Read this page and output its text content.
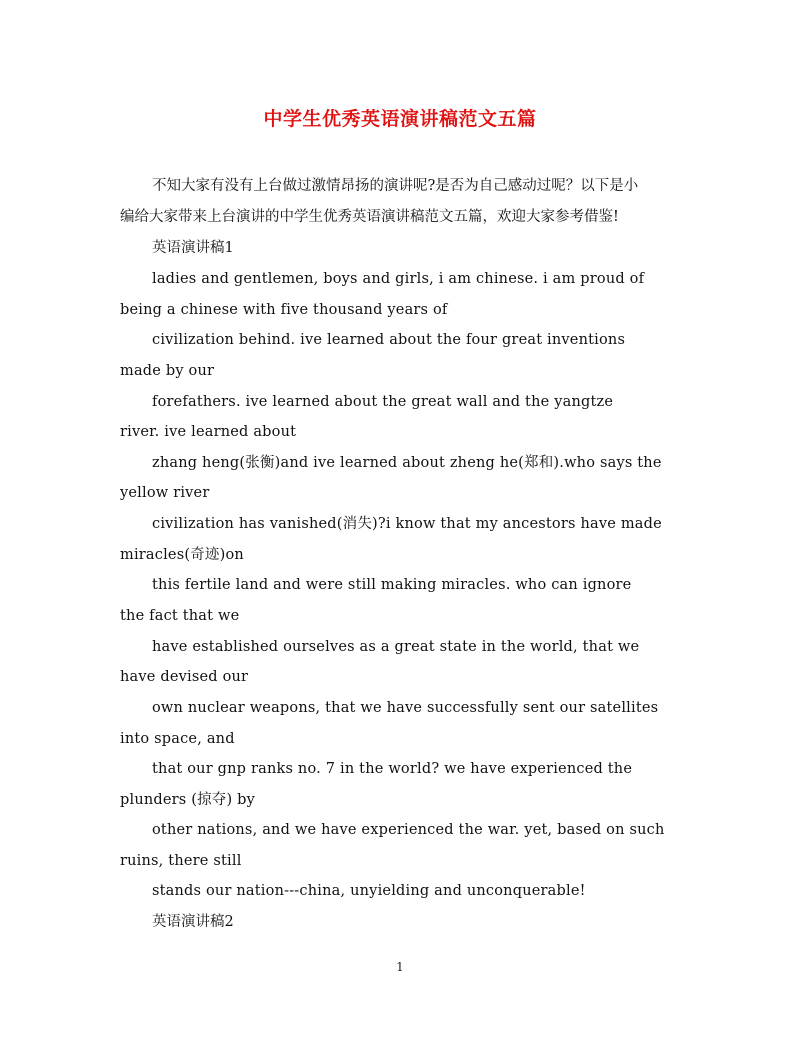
中学生优秀英语演讲稿范文五篇
不知大家有没有上台做过激情昂扬的演讲呢?是否为自己感动过呢？以下是小
编给大家带来上台演讲的中学生优秀英语演讲稿范文五篇，欢迎大家参考借鉴!
英语演讲稿1
ladies and gentlemen, boys and girls, i am chinese. i am proud of
being a chinese with five thousand years of
civilization behind. ive learned about the four great inventions
made by our
forefathers. ive learned about the great wall and the yangtze
river. ive learned about
zhang heng(张衡)and ive learned about zheng he(郑和).who says the
yellow river
civilization has vanished(消失)?i know that my ancestors have made
miracles(奇迹)on
this fertile land and were still making miracles. who can ignore
the fact that we
have established ourselves as a great state in the world, that we
have devised our
own nuclear weapons, that we have successfully sent our satellites
into space, and
that our gnp ranks no. 7 in the world? we have experienced the
plunders (掠夺) by
other nations, and we have experienced the war. yet, based on such
ruins, there still
stands our nation---china, unyielding and unconquerable!
英语演讲稿2
1
